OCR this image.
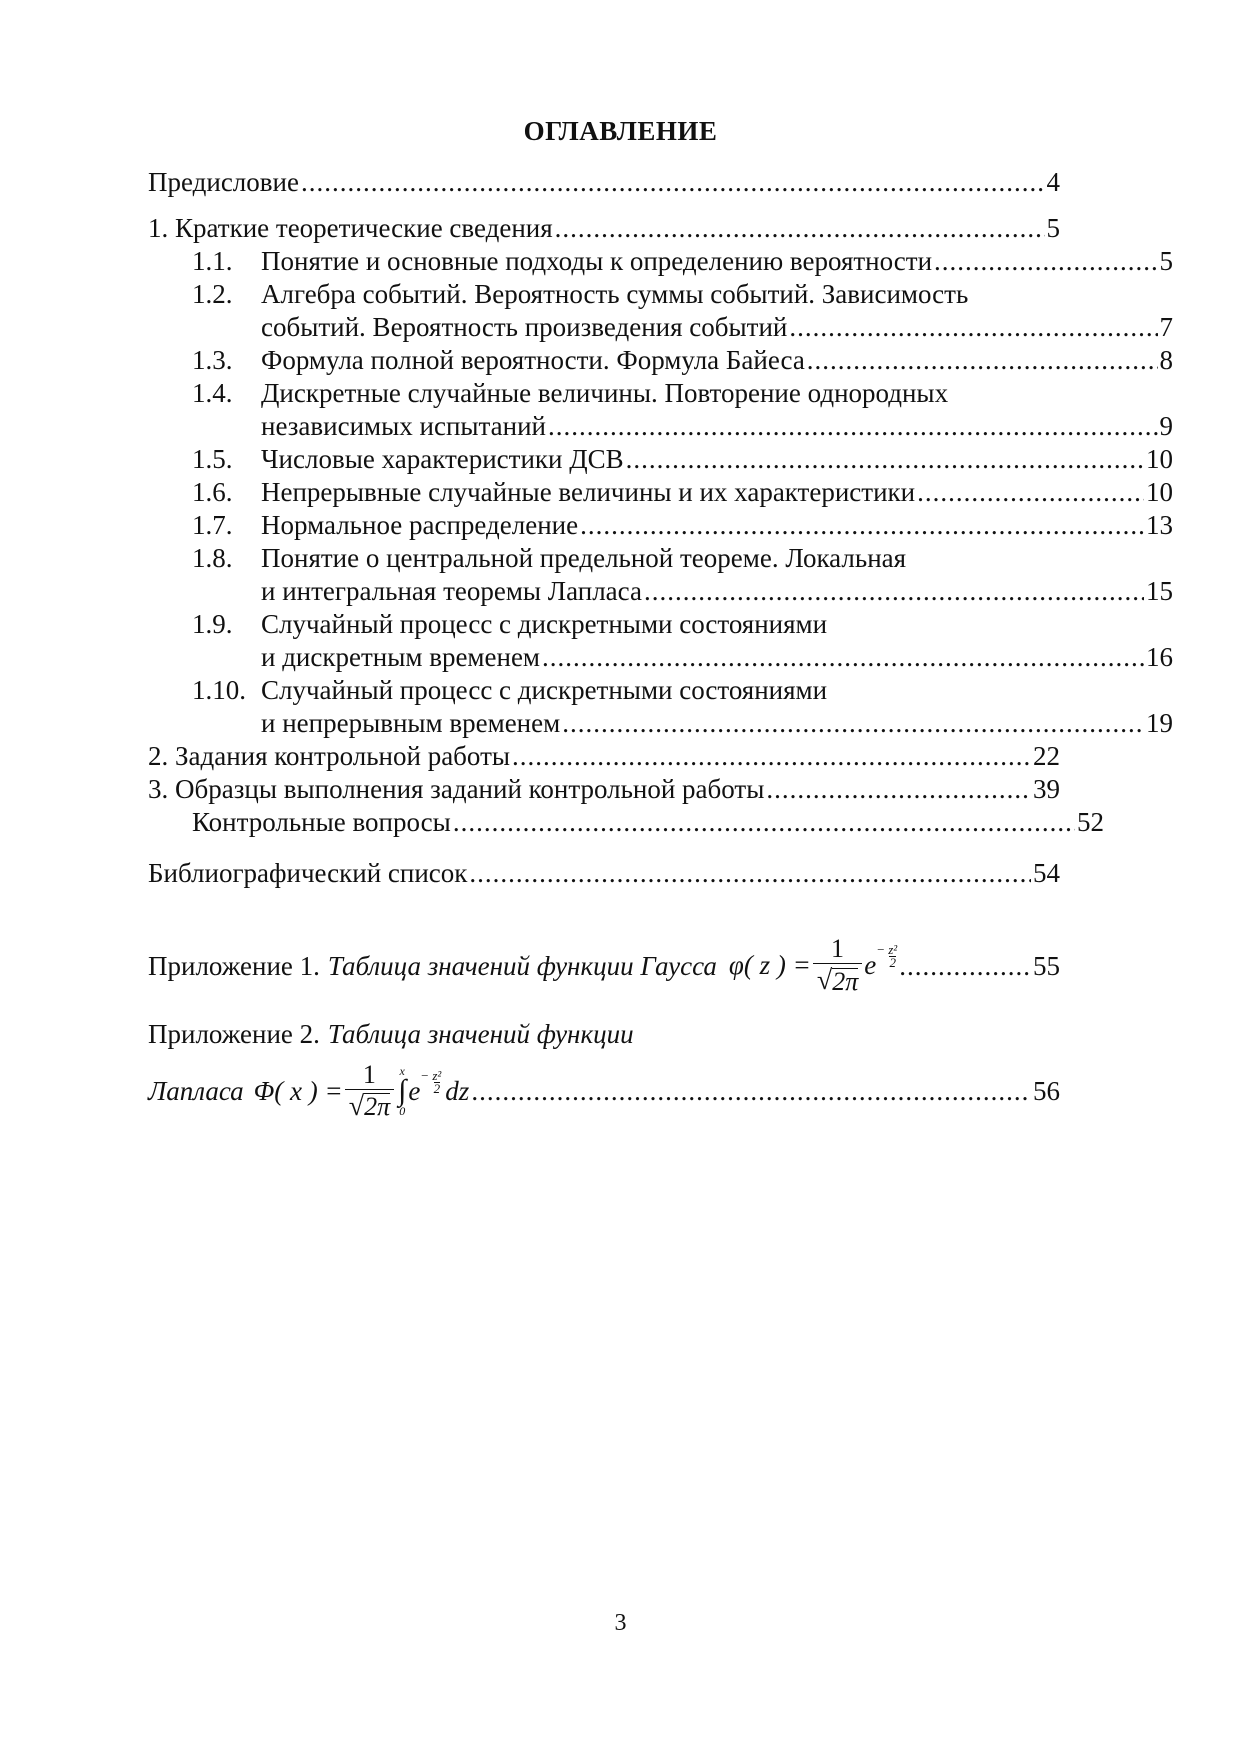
ОГЛАВЛЕНИЕ
Предисловие .....	4
1. Краткие теоретические сведения .....	5
1.1.	Понятие и основные подходы к определению вероятности .....	5
1.2.	Алгебра событий. Вероятность суммы событий. Зависимость
событий. Вероятность произведения событий .....	7
1.3.	Формула полной вероятности. Формула Байеса .....	8
1.4.	Дискретные случайные величины. Повторение однородных
независимых испытаний .....	9
1.5.	Числовые характеристики ДСВ .....	10
1.6.	Непрерывные случайные величины и их характеристики .....	10
1.7.	Нормальное распределение .....	13
1.8.	Понятие о центральной предельной теореме. Локальная
и интегральная теоремы Лапласа .....	15
1.9.	Случайный процесс с дискретными состояниями
и дискретным временем .....	16
1.10. Случайный процесс с дискретными состояниями
и непрерывным временем .....	19
2. Задания контрольной работы .....	22
3. Образцы выполнения заданий контрольной работы .....	39
Контрольные вопросы .....	52
Библиографический список .....	54
Приложение 1. Таблица значений функции Гаусса φ( z ) = $\frac{1}{√ 2\pi}$ e
− $\frac{\text{z²}}{2}$ .....	55
Приложение 2. Таблица значений функции
Лапласа Φ( x ) = $\frac{1}{√ 2\pi}$ x
∫
0
e
− $\frac{\text{z²}}{2}$ dz .....	56
3
